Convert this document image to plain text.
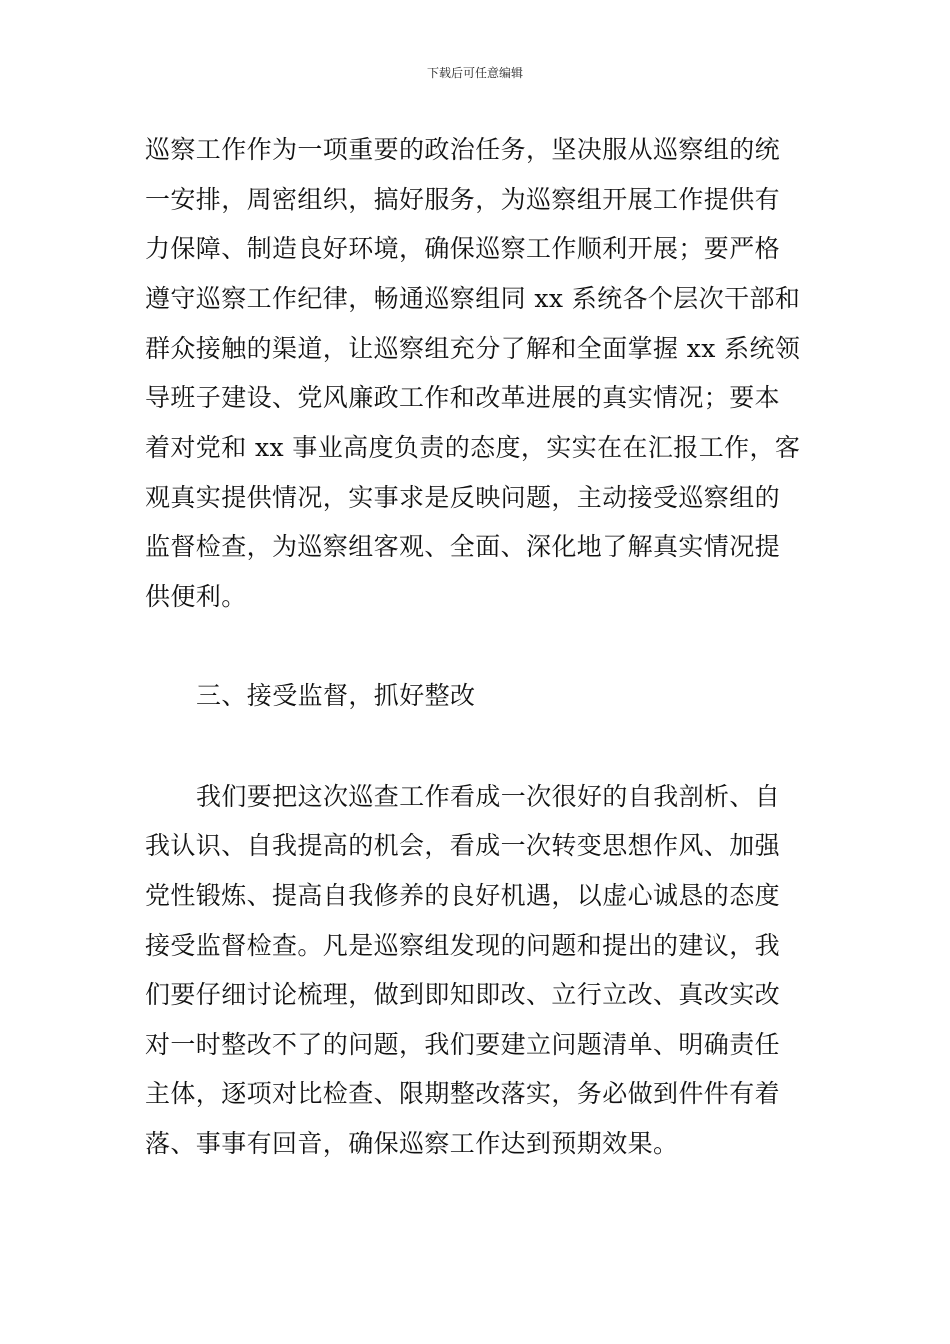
下载后可任意编辑
巡察工作作为一项重要的政治任务，坚决服从巡察组的统
一安排，周密组织，搞好服务，为巡察组开展工作提供有
力保障、制造良好环境，确保巡察工作顺利开展；要严格
遵守巡察工作纪律，畅通巡察组同 xx 系统各个层次干部和
群众接触的渠道，让巡察组充分了解和全面掌握 xx 系统领
导班子建设、党风廉政工作和改革进展的真实情况；要本
着对党和 xx 事业高度负责的态度，实实在在汇报工作，客
观真实提供情况，实事求是反映问题，主动接受巡察组的
监督检查，为巡察组客观、全面、深化地了解真实情况提
供便利。
三、接受监督，抓好整改
我们要把这次巡查工作看成一次很好的自我剖析、自
我认识、自我提高的机会，看成一次转变思想作风、加强
党性锻炼、提高自我修养的良好机遇，以虚心诚恳的态度
接受监督检查。凡是巡察组发现的问题和提出的建议，我
们要仔细讨论梳理，做到即知即改、立行立改、真改实改
对一时整改不了的问题，我们要建立问题清单、明确责任
主体，逐项对比检查、限期整改落实，务必做到件件有着
落、事事有回音，确保巡察工作达到预期效果。
